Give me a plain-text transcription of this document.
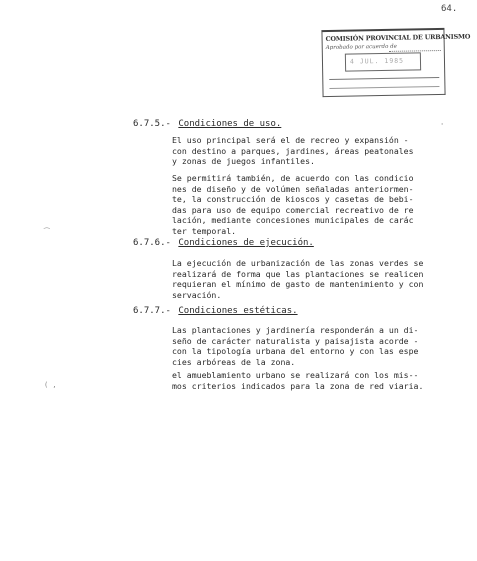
64.
COMISIÓN PROVINCIAL DE URBANISMO
Aprobado por acuerdo de
4 JUL. 1985
'
⁀
( ,
6.7.5.- Condiciones de uso.

El uso principal será el de recreo y expansión -
con destino a parques, jardines, áreas peatonales
y zonas de juegos infantiles.

Se permitirá también, de acuerdo con las condicio
nes de diseño y de volúmen señaladas anteriormen-
te, la construcción de kioscos y casetas de bebi-
das para uso de equipo comercial recreativo de re
lación, mediante concesiones municipales de carác
ter temporal.

6.7.6.- Condiciones de ejecución.

La ejecución de urbanización de las zonas verdes se
realizará de forma que las plantaciones se realicen
requieran el mínimo de gasto de mantenimiento y con
servación.

6.7.7.- Condiciones estéticas.

Las plantaciones y jardinería responderán a un di-
seño de carácter naturalista y paisajista acorde -
con la tipología urbana del entorno y con las espe
cies arbóreas de la zona.

el amueblamiento urbano se realizará con los mis--
mos criterios indicados para la zona de red viaria.
